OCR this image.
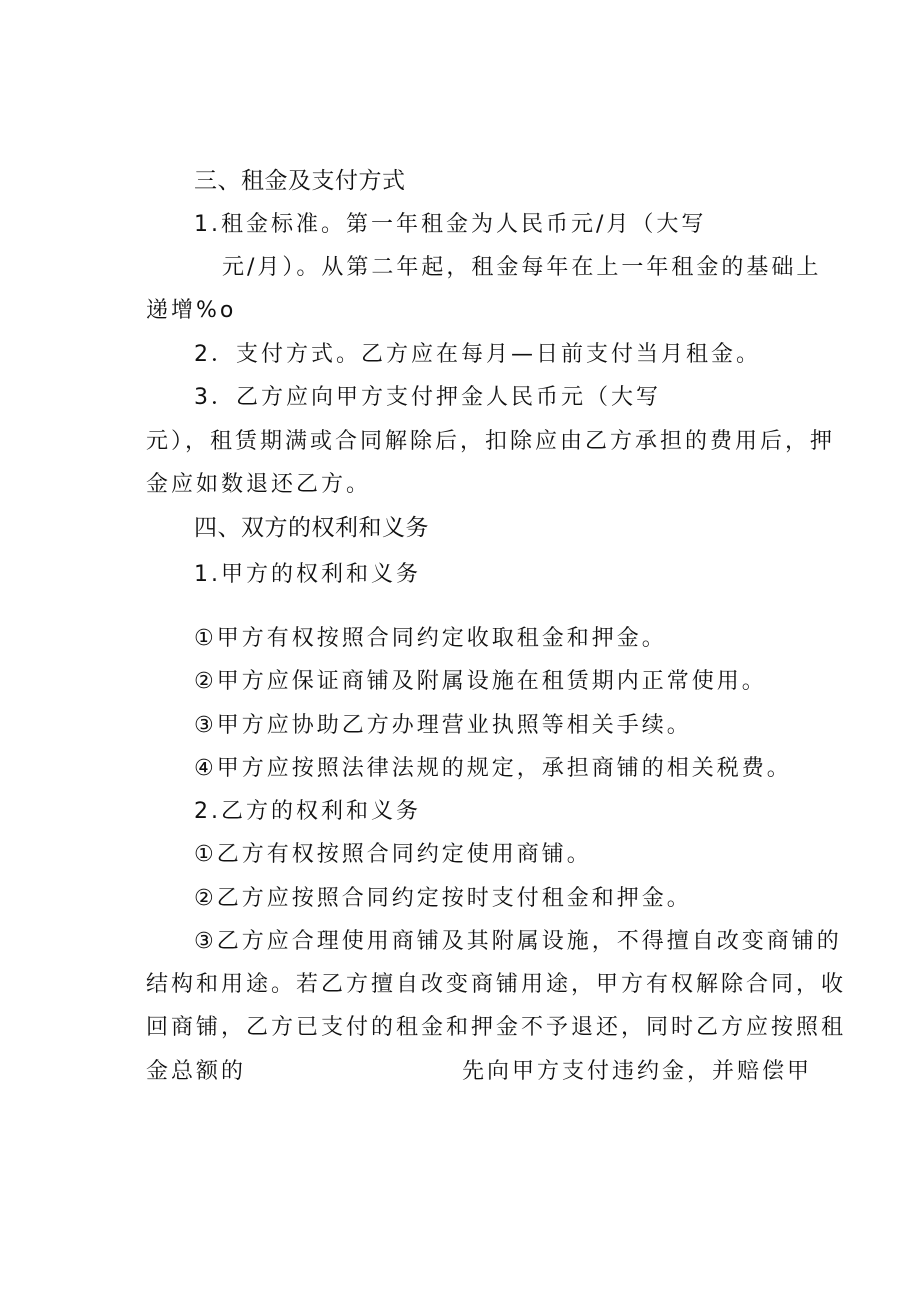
三、租金及支付方式
1.租金标准。第一年租金为人民币元/月（大写
元/月）。从第二年起，租金每年在上一年租金的基础上
递增%o
2．支付方式。乙方应在每月—日前支付当月租金。
3．乙方应向甲方支付押金人民币元（大写
元），租赁期满或合同解除后，扣除应由乙方承担的费用后，押
金应如数退还乙方。
四、双方的权利和义务
1.甲方的权利和义务
①甲方有权按照合同约定收取租金和押金。
②甲方应保证商铺及附属设施在租赁期内正常使用。
③甲方应协助乙方办理营业执照等相关手续。
④甲方应按照法律法规的规定，承担商铺的相关税费。
2.乙方的权利和义务
①乙方有权按照合同约定使用商铺。
②乙方应按照合同约定按时支付租金和押金。
③乙方应合理使用商铺及其附属设施，不得擅自改变商铺的
结构和用途。若乙方擅自改变商铺用途，甲方有权解除合同，收
回商铺，乙方已支付的租金和押金不予退还，同时乙方应按照租
金总额的	先向甲方支付违约金，并赔偿甲
